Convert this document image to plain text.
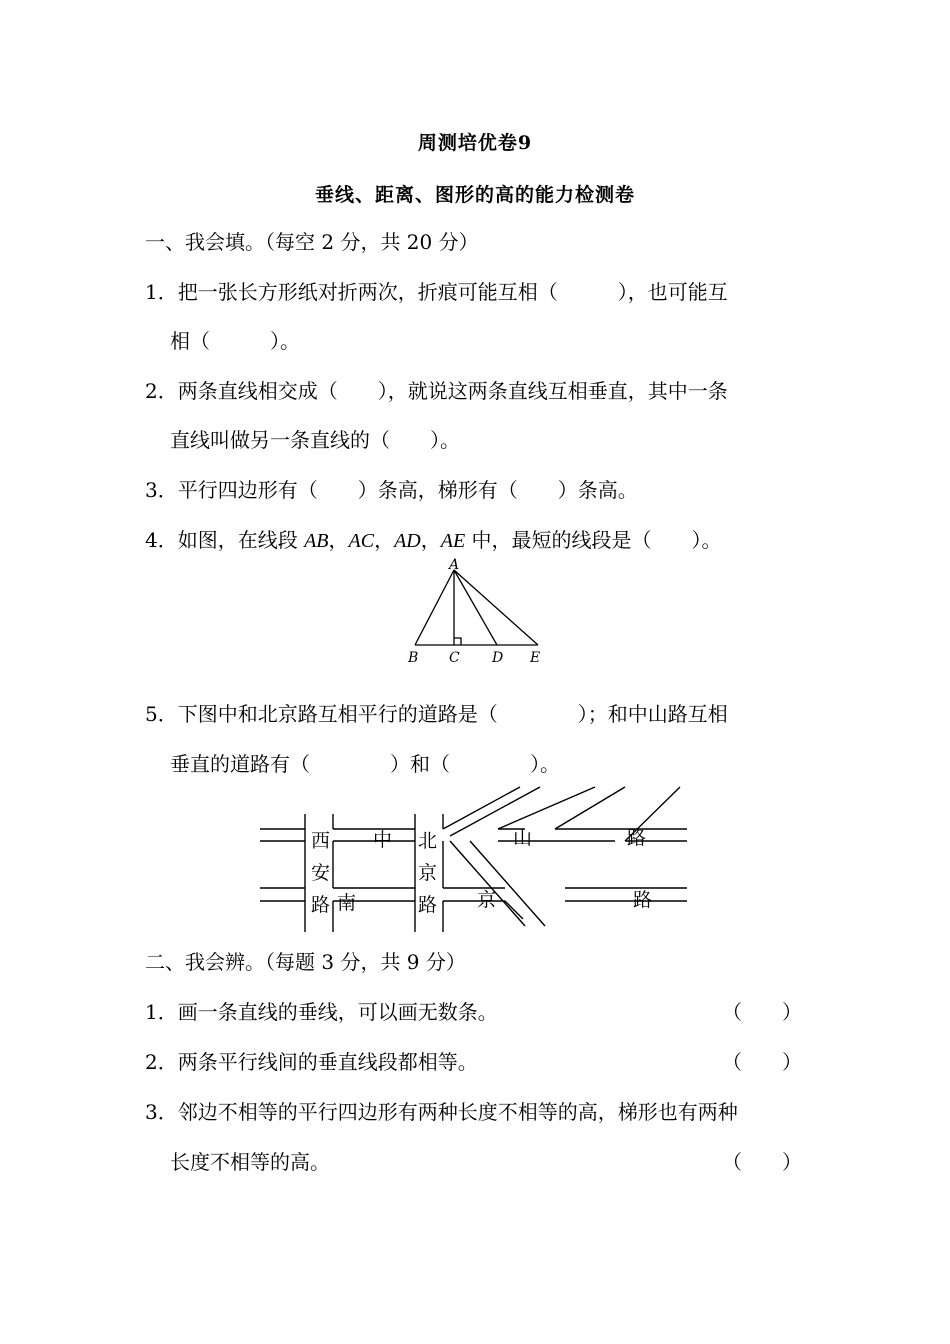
周测培优卷9
垂线、距离、图形的高的能力检测卷
一、我会填。（每空 2 分，共 20 分）
1．把一张长方形纸对折两次，折痕可能互相（　　　），也可能互
相（　　　）。
2．两条直线相交成（　　），就说这两条直线互相垂直，其中一条
直线叫做另一条直线的（　　）。
3．平行四边形有（　　）条高，梯形有（　　）条高。
4．如图，在线段 AB，AC，AD，AE 中，最短的线段是（　　）。
A
B C D E
5．下图中和北京路互相平行的道路是（　　　　）；和中山路互相
垂直的道路有（　　　　）和（　　　　）。
西
安
路 南
中	山	路
北
京
路 京	路
二、我会辨。（每题 3 分，共 9 分）
1．画一条直线的垂线，可以画无数条。	（　　）
2．两条平行线间的垂直线段都相等。	（　　）
3．邻边不相等的平行四边形有两种长度不相等的高，梯形也有两种
长度不相等的高。	（　　）
